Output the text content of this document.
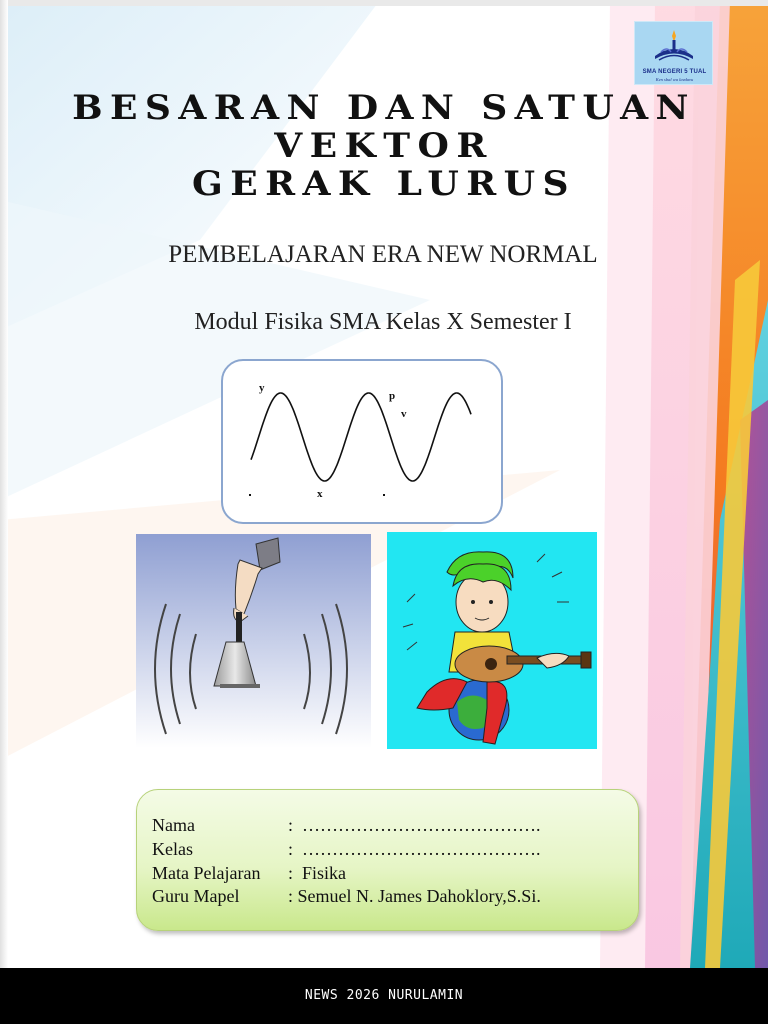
SMA NEGERI 5 TUAL
Ken sbal wa lavdavu
BESARAN DAN SATUAN
VEKTOR
GERAK LURUS
PEMBELAJARAN ERA NEW NORMAL
Modul Fisika SMA Kelas X Semester I
y
p
v
x

Nama

	:  ………………………………….

Kelas

	:  ………………………………….

Mata Pelajaran

:  Fisika

Guru Mapel

	: Semuel N. James Dahoklory,S.Si.

NEWS 2026 NURULAMIN
